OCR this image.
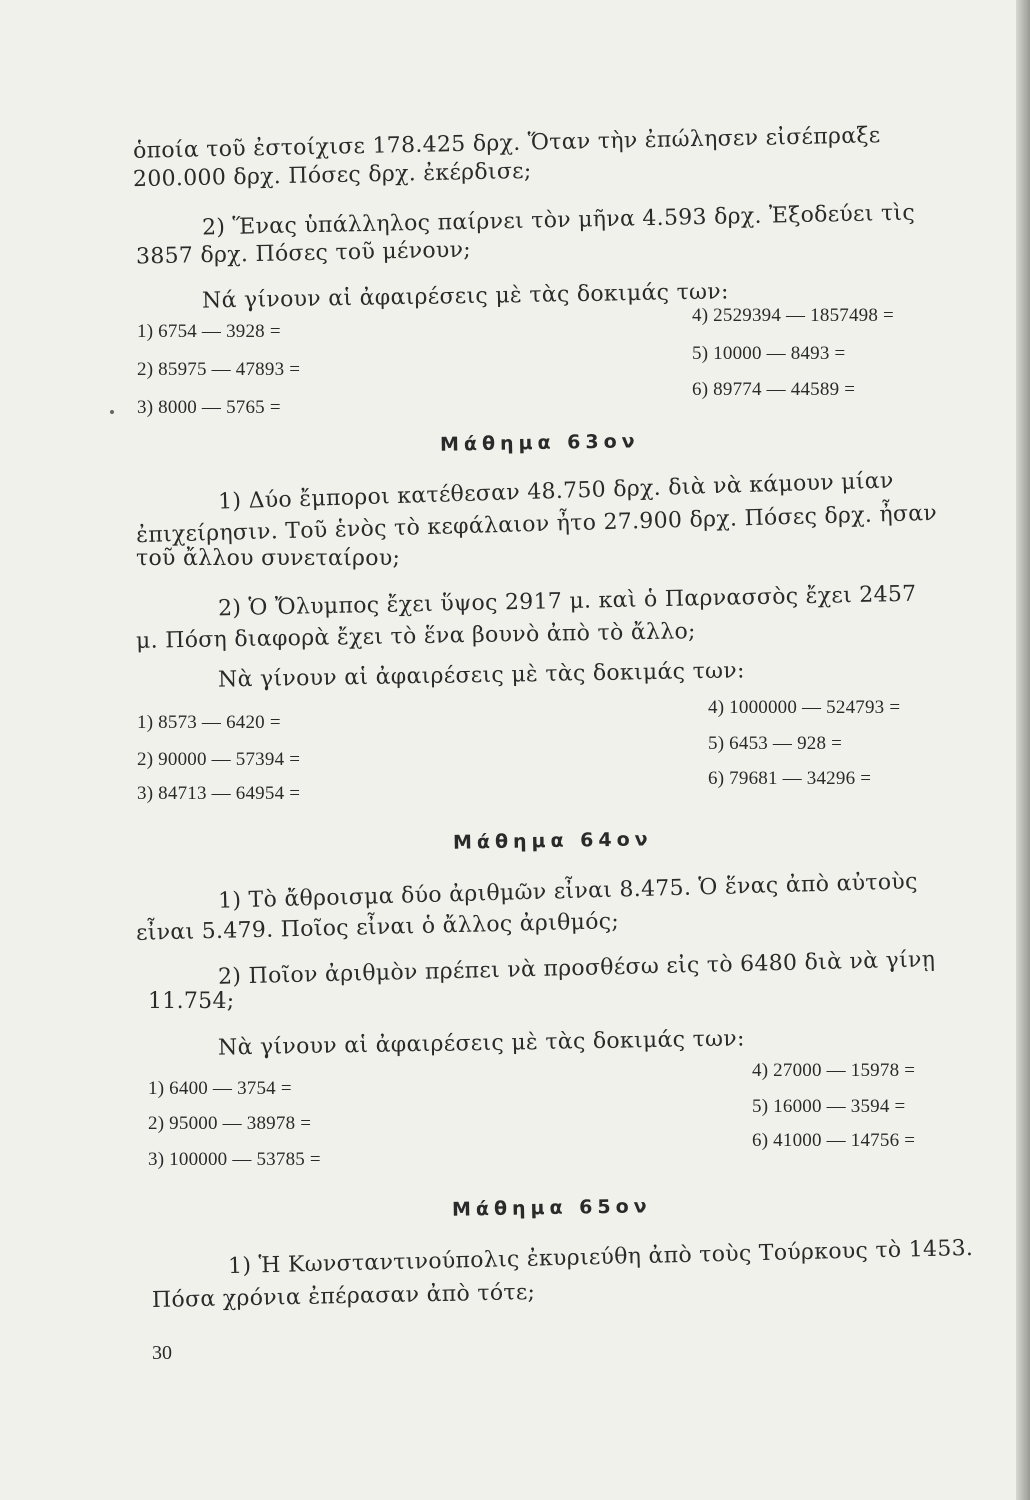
ὁποία τοῦ ἐστοίχισε 178.425 δρχ. Ὅταν τὴν ἐπώλησεν εἰσέπραξε
200.000 δρχ. Πόσες δρχ. ἐκέρδισε;
2) Ἕνας ὑπάλληλος παίρνει τὸν μῆνα 4.593 δρχ. Ἐξοδεύει τὶς
3857 δρχ. Πόσες τοῦ μένουν;
Νά γίνουν αἱ ἀφαιρέσεις μὲ τὰς δοκιμάς των:
1) 6754 — 3928 =
2) 85975 — 47893 =
3) 8000 — 5765 =
4) 2529394 — 1857498 =
5) 10000 — 8493 =
6) 89774 — 44589 =
Μάθημα 63ον
1) Δύο ἔμποροι κατέθεσαν 48.750 δρχ. διὰ νὰ κάμουν μίαν
ἐπιχείρησιν. Τοῦ ἑνὸς τὸ κεφάλαιον ἦτο 27.900 δρχ. Πόσες δρχ. ἦσαν
τοῦ ἄλλου συνεταίρου;
2) Ὁ Ὄλυμπος ἔχει ὕψος 2917 μ. καὶ ὁ Παρνασσὸς ἔχει 2457
μ. Πόση διαφορὰ ἔχει τὸ ἕνα βουνὸ ἀπὸ τὸ ἄλλο;
Νὰ γίνουν αἱ ἀφαιρέσεις μὲ τὰς δοκιμάς των:
1) 8573 — 6420 =
2) 90000 — 57394 =
3) 84713 — 64954 =
4) 1000000 — 524793 =
5) 6453 — 928 =
6) 79681 — 34296 =
Μάθημα 64ον
1) Τὸ ἄθροισμα δύο ἀριθμῶν εἶναι 8.475. Ὁ ἕνας ἀπὸ αὐτοὺς
εἶναι 5.479. Ποῖος εἶναι ὁ ἄλλος ἀριθμός;
2) Ποῖον ἀριθμὸν πρέπει νὰ προσθέσω εἰς τὸ 6480 διὰ νὰ γίνῃ
11.754;
Νὰ γίνουν αἱ ἀφαιρέσεις μὲ τὰς δοκιμάς των:
1) 6400 — 3754 =
2) 95000 — 38978 =
3) 100000 — 53785 =
4) 27000 — 15978 =
5) 16000 — 3594 =
6) 41000 — 14756 =
Μάθημα 65ον
1) Ἡ Κωνσταντινούπολις ἐκυριεύθη ἀπὸ τοὺς Τούρκους τὸ 1453.
Πόσα χρόνια ἐπέρασαν ἀπὸ τότε;
30
